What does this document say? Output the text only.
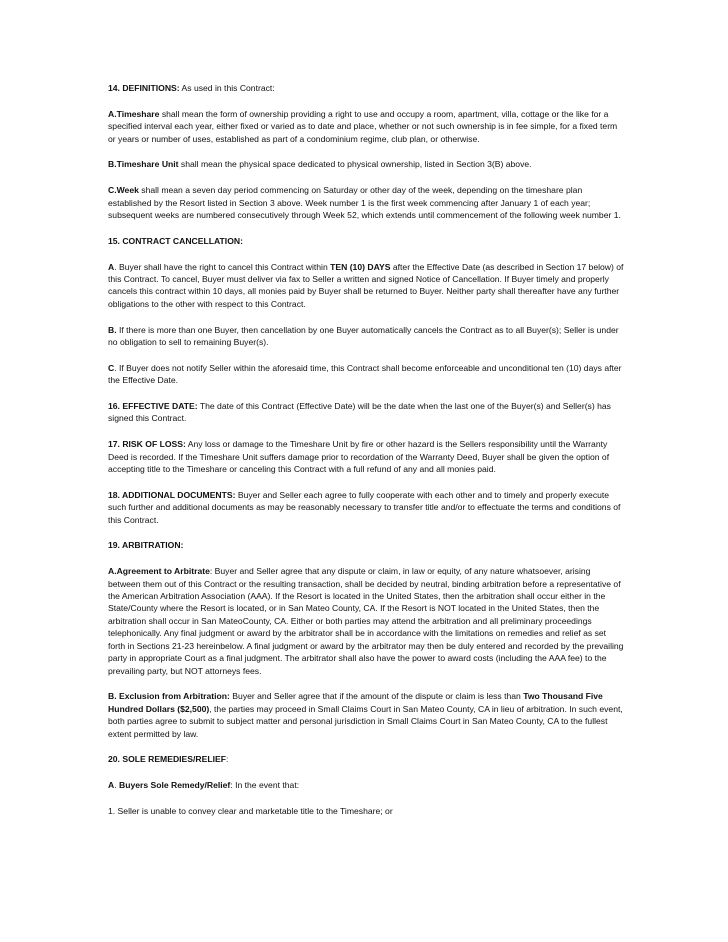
14. DEFINITIONS: As used in this Contract:

A.Timeshare shall mean the form of ownership providing a right to use and occupy a room, apartment, villa, cottage or the like for a specified interval each year, either fixed or varied as to date and place, whether or not such ownership is in fee simple, for a fixed term or years or number of uses, established as part of a condominium regime, club plan, or otherwise.

B.Timeshare Unit shall mean the physical space dedicated to physical ownership, listed in Section 3(B) above.

C.Week shall mean a seven day period commencing on Saturday or other day of the week, depending on the timeshare plan established by the Resort listed in Section 3 above. Week number 1 is the first week commencing after January 1 of each year; subsequent weeks are numbered consecutively through Week 52, which extends until commencement of the following week number 1.

15. CONTRACT CANCELLATION:

A. Buyer shall have the right to cancel this Contract within TEN (10) DAYS after the Effective Date (as described in Section 17 below) of this Contract. To cancel, Buyer must deliver via fax to Seller a written and signed Notice of Cancellation. If Buyer timely and properly cancels this contract within 10 days, all monies paid by Buyer shall be returned to Buyer. Neither party shall thereafter have any further obligations to the other with respect to this Contract.

B. If there is more than one Buyer, then cancellation by one Buyer automatically cancels the Contract as to all Buyer(s); Seller is under no obligation to sell to remaining Buyer(s).

C. If Buyer does not notify Seller within the aforesaid time, this Contract shall become enforceable and unconditional ten (10) days after the Effective Date.

16. EFFECTIVE DATE: The date of this Contract (Effective Date) will be the date when the last one of the Buyer(s) and Seller(s) has signed this Contract.

17. RISK OF LOSS: Any loss or damage to the Timeshare Unit by fire or other hazard is the Sellers responsibility until the Warranty Deed is recorded. If the Timeshare Unit suffers damage prior to recordation of the Warranty Deed, Buyer shall be given the option of accepting title to the Timeshare or canceling this Contract with a full refund of any and all monies paid.

18. ADDITIONAL DOCUMENTS: Buyer and Seller each agree to fully cooperate with each other and to timely and properly execute such further and additional documents as may be reasonably necessary to transfer title and/or to effectuate the terms and conditions of this Contract.

19. ARBITRATION:

A.Agreement to Arbitrate: Buyer and Seller agree that any dispute or claim, in law or equity, of any nature whatsoever, arising between them out of this Contract or the resulting transaction, shall be decided by neutral, binding arbitration before a representative of the American Arbitration Association (AAA). If the Resort is located in the United States, then the arbitration shall occur either in the State/County where the Resort is located, or in San Mateo County, CA. If the Resort is NOT located in the United States, then the arbitration shall occur in San MateoCounty, CA. Either or both parties may attend the arbitration and all preliminary proceedings telephonically. Any final judgment or award by the arbitrator shall be in accordance with the limitations on remedies and relief as set forth in Sections 21-23 hereinbelow. A final judgment or award by the arbitrator may then be duly entered and recorded by the prevailing party in appropriate Court as a final judgment. The arbitrator shall also have the power to award costs (including the AAA fee) to the prevailing party, but NOT attorneys fees.

B. Exclusion from Arbitration: Buyer and Seller agree that if the amount of the dispute or claim is less than Two Thousand Five Hundred Dollars ($2,500), the parties may proceed in Small Claims Court in San Mateo County, CA in lieu of arbitration. In such event, both parties agree to submit to subject matter and personal jurisdiction in Small Claims Court in San Mateo County, CA to the fullest extent permitted by law.

20. SOLE REMEDIES/RELIEF:

A. Buyers Sole Remedy/Relief: In the event that:

1. Seller is unable to convey clear and marketable title to the Timeshare; or
